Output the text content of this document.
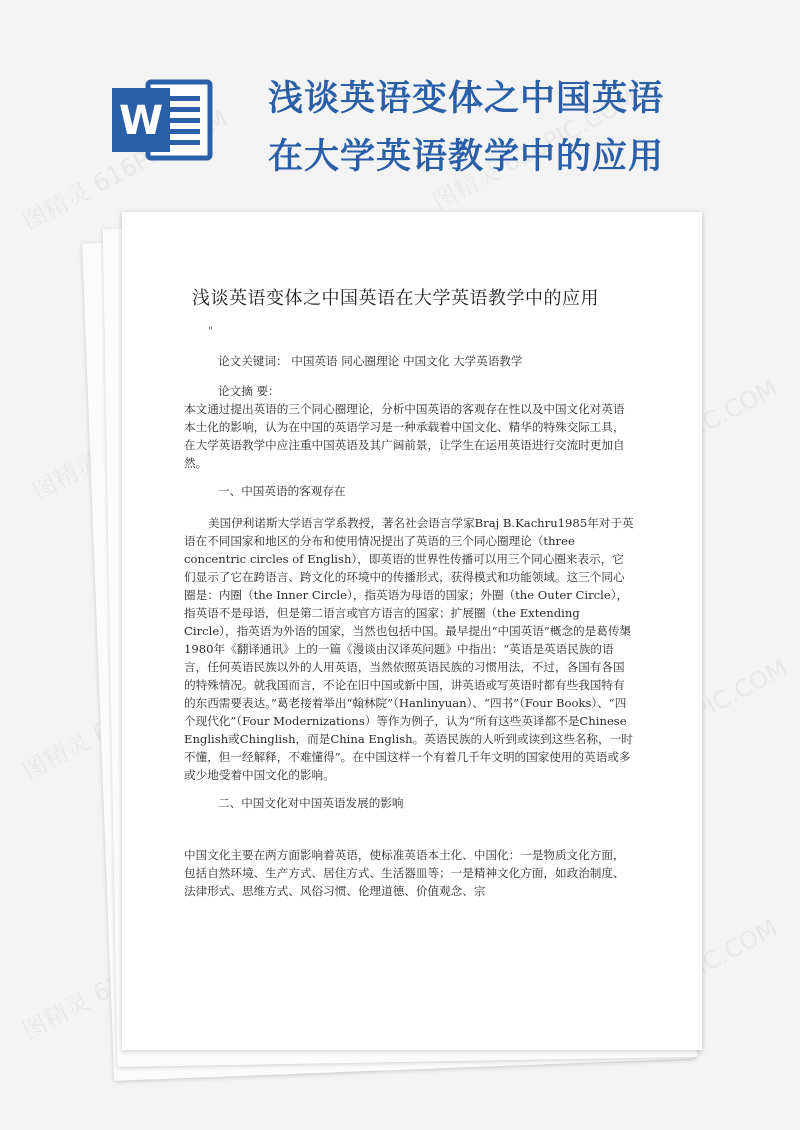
W	浅谈英语变体之中国英语在大学英语教学中的应用
浅谈英语变体之中国英语在大学英语教学中的应用
"

论文关键词： 中国英语 同心圈理论 中国文化 大学英语教学

论文摘 要：

本文通过提出英语的三个同心圈理论，分析中国英语的客观存在性以及中国文化对英语本土化的影响，认为在中国的英语学习是一种承载着中国文化、精华的特殊交际工具，在大学英语教学中应注重中国英语及其广阔前景，让学生在运用英语进行交流时更加自然。

一、中国英语的客观存在

美国伊利诺斯大学语言学系教授，著名社会语言学家Braj B.Kachru1985年对于英语在不同国家和地区的分布和使用情况提出了英语的三个同心圈理论（three concentric circles of English），即英语的世界性传播可以用三个同心圈来表示，它们显示了它在跨语言、跨文化的环境中的传播形式，获得模式和功能领域。这三个同心圈是：内圈（the Inner Circle），指英语为母语的国家；外圈（the Outer Circle），指英语不是母语，但是第二语言或官方语言的国家；扩展圈（the Extending Circle），指英语为外语的国家，当然也包括中国。最早提出“中国英语”概念的是葛传槼1980年《翻译通讯》上的一篇《漫谈由汉译英问题》中指出：“英语是英语民族的语言，任何英语民族以外的人用英语，当然依照英语民族的习惯用法，不过，各国有各国的特殊情况。就我国而言，不论在旧中国或新中国，讲英语或写英语时都有些我国特有的东西需要表达。”葛老接着举出“翰林院”（Hanlinyuan）、“四书”（Four Books）、“四个现代化”（Four Modernizations）等作为例子，认为“所有这些英译都不是Chinese English或Chinglish，而是China English。英语民族的人听到或读到这些名称，一时不懂，但一经解释，不难懂得”。在中国这样一个有着几千年文明的国家使用的英语或多或少地受着中国文化的影响。

二、中国文化对中国英语发展的影响

中国文化主要在两方面影响着英语，使标准英语本土化、中国化：一是物质文化方面，包括自然环境、生产方式、居住方式、生活器皿等；一是精神文化方面，如政治制度、法律形式、思维方式、风俗习惯、伦理道德、价值观念、宗
